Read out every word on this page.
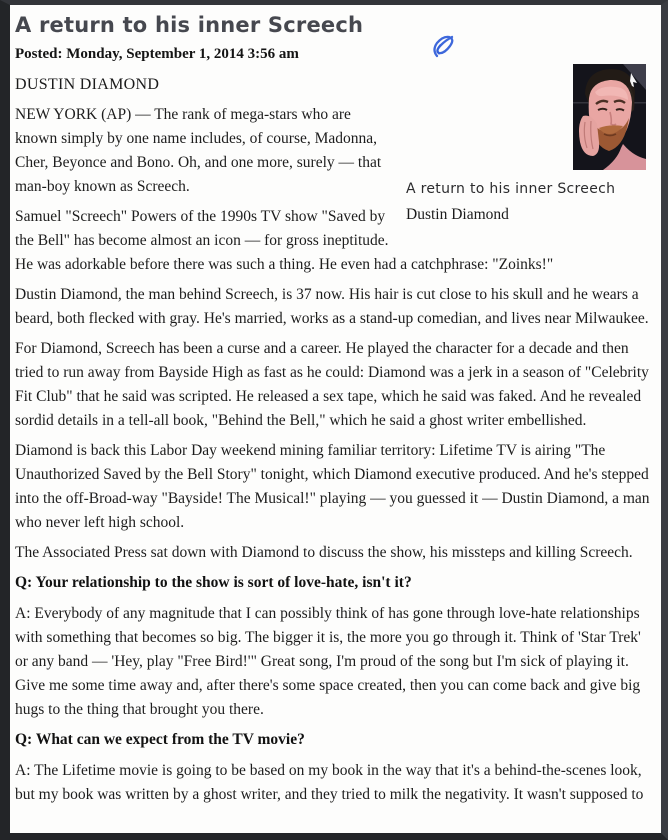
A return to his inner Screech
Posted: Monday, September 1, 2014 3:56 am
A return to his inner Screech
Dustin Diamond
DUSTIN DIAMOND

NEW YORK (AP) — The rank of mega-stars who are known simply by one name includes, of course, Madonna, Cher, Beyonce and Bono. Oh, and one more, surely — that man-boy known as Screech.

Samuel "Screech" Powers of the 1990s TV show "Saved by the Bell" has become almost an icon — for gross ineptitude. He was adorkable before there was such a thing. He even had a catchphrase: "Zoinks!"

Dustin Diamond, the man behind Screech, is 37 now. His hair is cut close to his skull and he wears a beard, both flecked with gray. He's married, works as a stand-up comedian, and lives near Milwaukee.

For Diamond, Screech has been a curse and a career. He played the character for a decade and then tried to run away from Bayside High as fast as he could: Diamond was a jerk in a season of "Celebrity Fit Club" that he said was scripted. He released a sex tape, which he said was faked. And he revealed sordid details in a tell-all book, "Behind the Bell," which he said a ghost writer embellished.

Diamond is back this Labor Day weekend mining familiar territory: Lifetime TV is airing "The Unauthorized Saved by the Bell Story" tonight, which Diamond executive produced. And he's stepped into the off-Broad-way "Bayside! The Musical!" playing — you guessed it — Dustin Diamond, a man who never left high school.

The Associated Press sat down with Diamond to discuss the show, his missteps and killing Screech.

Q: Your relationship to the show is sort of love-hate, isn't it?

A: Everybody of any magnitude that I can possibly think of has gone through love-hate relationships with something that becomes so big. The bigger it is, the more you go through it. Think of 'Star Trek' or any band — 'Hey, play "Free Bird!'" Great song, I'm proud of the song but I'm sick of playing it. Give me some time away and, after there's some space created, then you can come back and give big hugs to the thing that brought you there.

Q: What can we expect from the TV movie?

A: The Lifetime movie is going to be based on my book in the way that it's a behind-the-scenes look, but my book was written by a ghost writer, and they tried to milk the negativity. It wasn't supposed to
